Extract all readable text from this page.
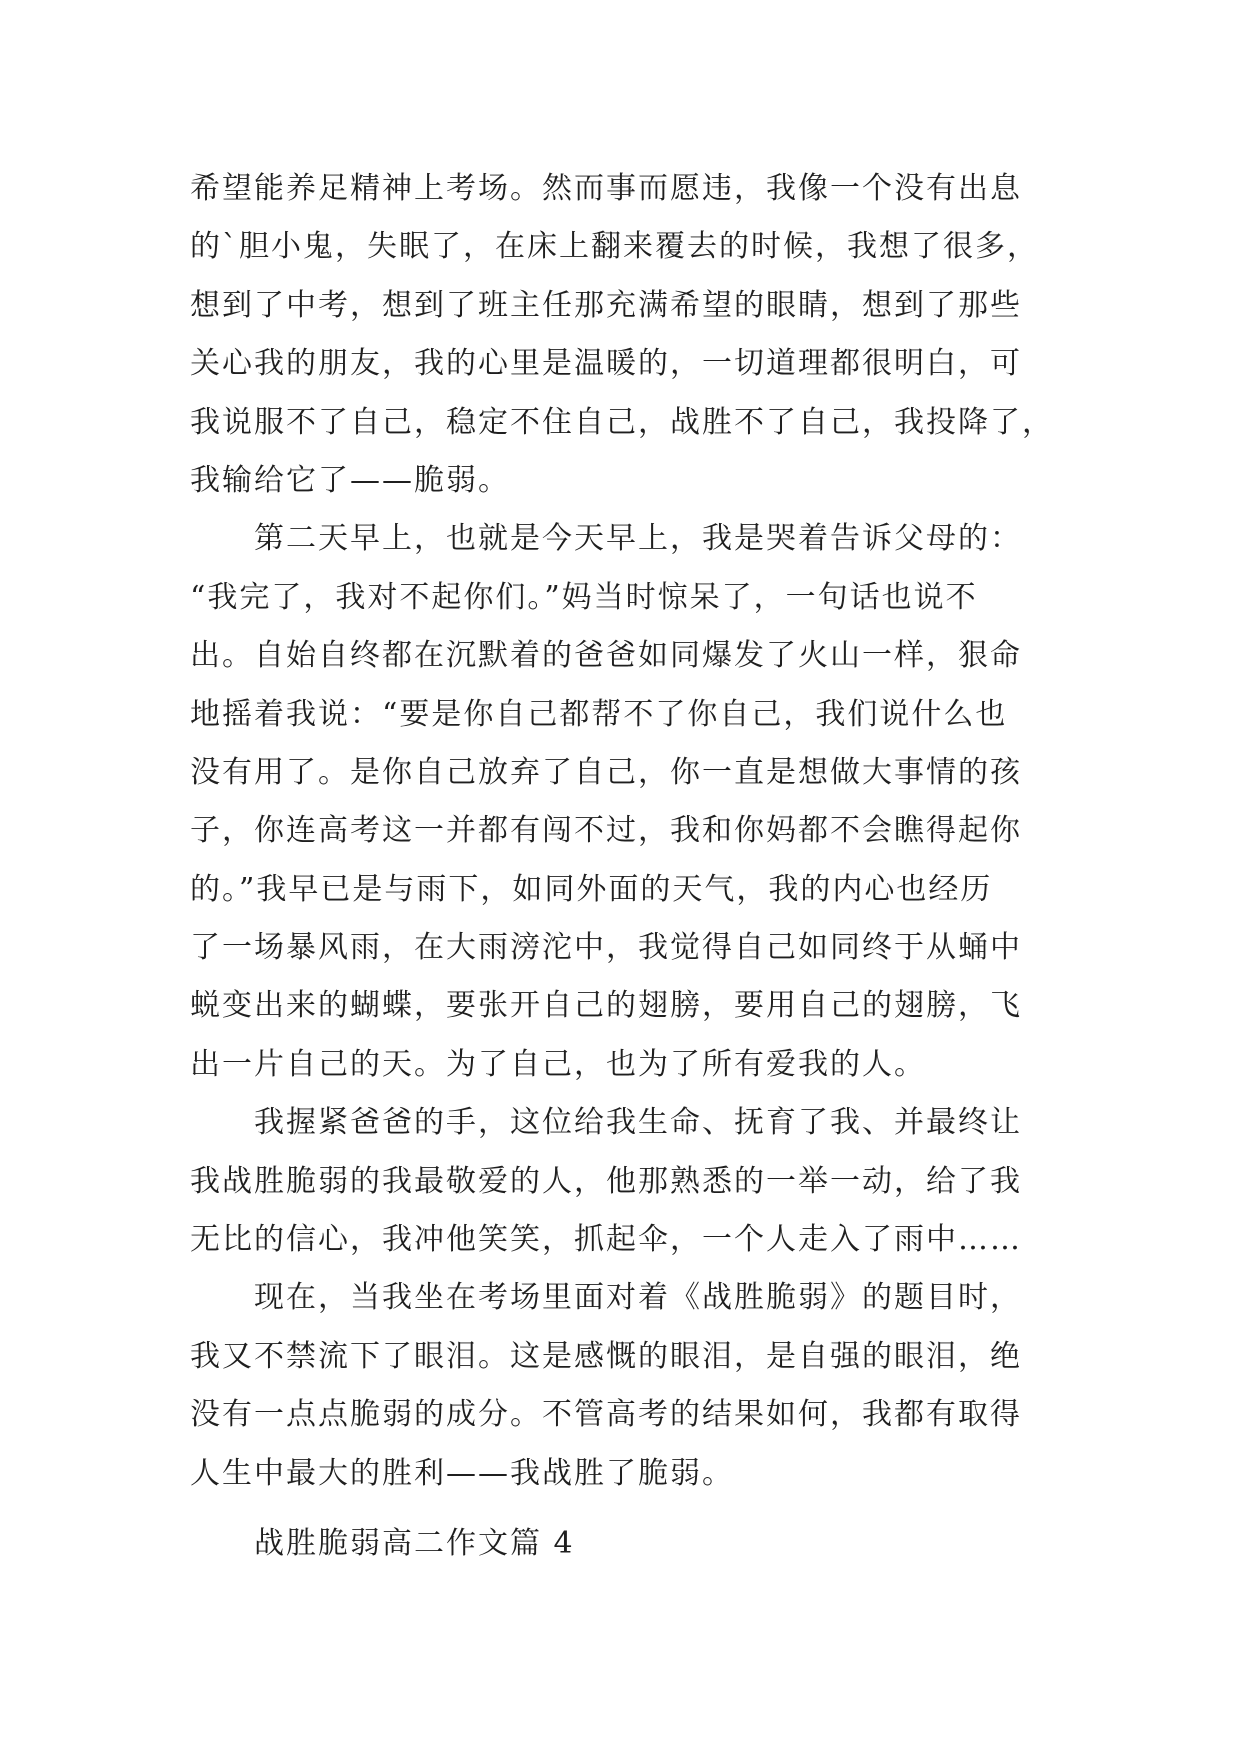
希望能养足精神上考场。然而事而愿违，我像一个没有出息
的`胆小鬼，失眠了，在床上翻来覆去的时候，我想了很多，
想到了中考，想到了班主任那充满希望的眼睛，想到了那些
关心我的朋友，我的心里是温暖的，一切道理都很明白，可
我说服不了自己，稳定不住自己，战胜不了自己，我投降了，
我输给它了——脆弱。
第二天早上，也就是今天早上，我是哭着告诉父母的：
“我完了，我对不起你们。”妈当时惊呆了，一句话也说不
出。自始自终都在沉默着的爸爸如同爆发了火山一样，狠命
地摇着我说：“要是你自己都帮不了你自己，我们说什么也
没有用了。是你自己放弃了自己，你一直是想做大事情的孩
子，你连高考这一并都有闯不过，我和你妈都不会瞧得起你
的。”我早已是与雨下，如同外面的天气，我的内心也经历
了一场暴风雨，在大雨滂沱中，我觉得自己如同终于从蛹中
蜕变出来的蝴蝶，要张开自己的翅膀，要用自己的翅膀，飞
出一片自己的天。为了自己，也为了所有爱我的人。
我握紧爸爸的手，这位给我生命、抚育了我、并最终让
我战胜脆弱的我最敬爱的人，他那熟悉的一举一动，给了我
无比的信心，我冲他笑笑，抓起伞，一个人走入了雨中……
现在，当我坐在考场里面对着《战胜脆弱》的题目时，
我又不禁流下了眼泪。这是感慨的眼泪，是自强的眼泪，绝
没有一点点脆弱的成分。不管高考的结果如何，我都有取得
人生中最大的胜利——我战胜了脆弱。
战胜脆弱高二作文篇 4
